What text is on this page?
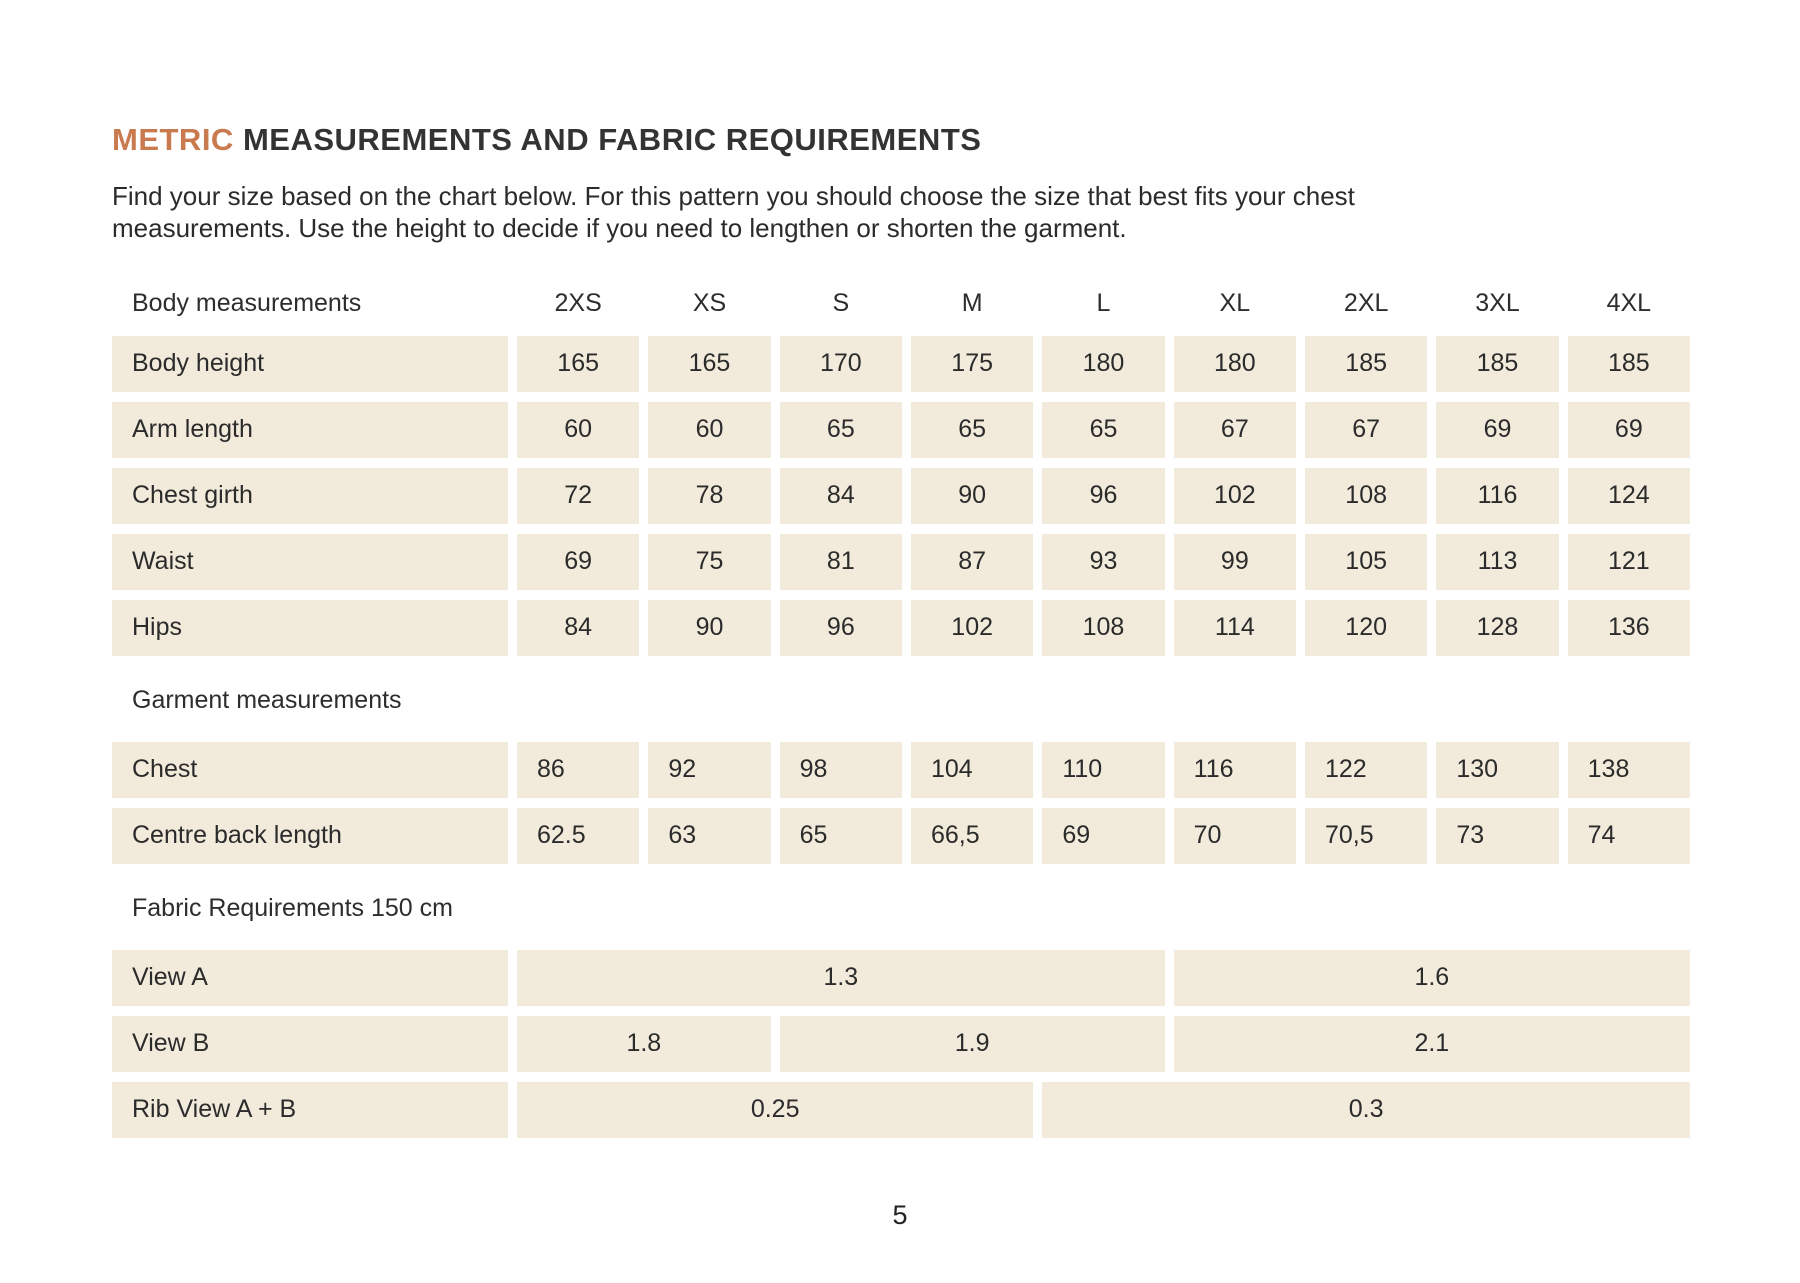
METRIC MEASUREMENTS AND FABRIC REQUIREMENTS
Find your size based on the chart below. For this pattern you should choose the size that best fits your chest
measurements. Use the height to decide if you need to lengthen or shorten the garment.
Body measurements	2XS	XS	S	M	L	XL	2XL	3XL	4XL
Body height	165	165	170	175	180	180	185	185	185
Arm length	60	60	65	65	65	67	67	69	69
Chest girth	72	78	84	90	96	102	108	116	124
Waist	69	75	81	87	93	99	105	113	121
Hips	84	90	96	102	108	114	120	128	136
Garment measurements
Chest	86	92	98	104	110	116	122	130	138
Centre back length	62.5	63	65	66,5	69	70	70,5	73	74
Fabric Requirements 150 cm
View A	1.3	1.6
View B	1.8	1.9	2.1
Rib View A + B	0.25	0.3
5
